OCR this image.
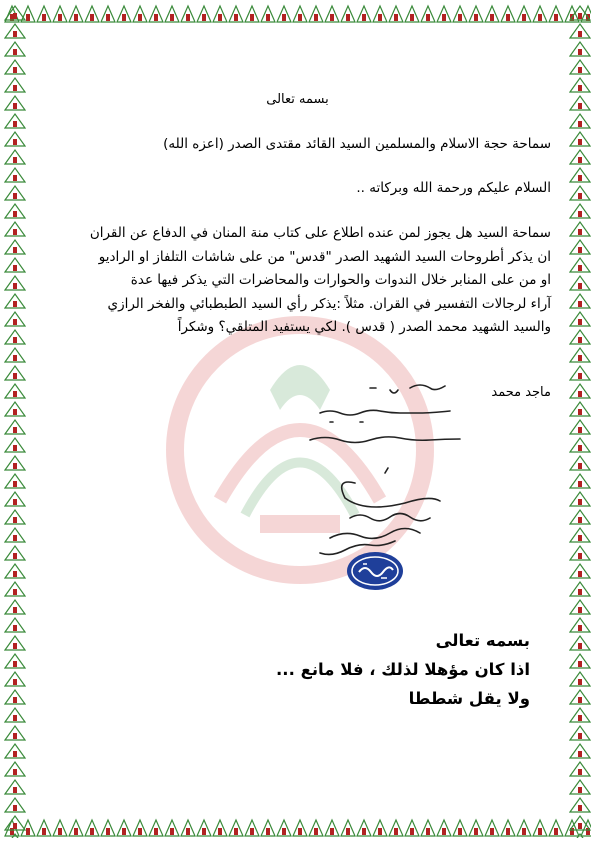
بسمه تعالى
سماحة حجة الاسلام والمسلمين السيد القائد مقتدى الصدر (اعزه الله)
السلام عليكم ورحمة الله وبركاته ..
سماحة السيد هل يجوز لمن عنده اطلاع على كتاب منة المنان في الدفاع عن القران
ان يذكر أطروحات السيد الشهيد الصدر "قدس" من على شاشات التلفاز او الراديو
او من على المنابر خلال الندوات والحوارات والمحاضرات التي يذكر فيها عدة
آراء لرجالات التفسير في القران. مثلاً :يذكر رأي السيد الطبطبائي والفخر الرازي
والسيد الشهيد محمد الصدر ( قدس ). لكي يستفيد المتلقي؟ وشكراً
ماجد محمد
بسمه تعالى
اذا كان مؤهلا لذلك ، فلا مانع ...
ولا يقل شططا
